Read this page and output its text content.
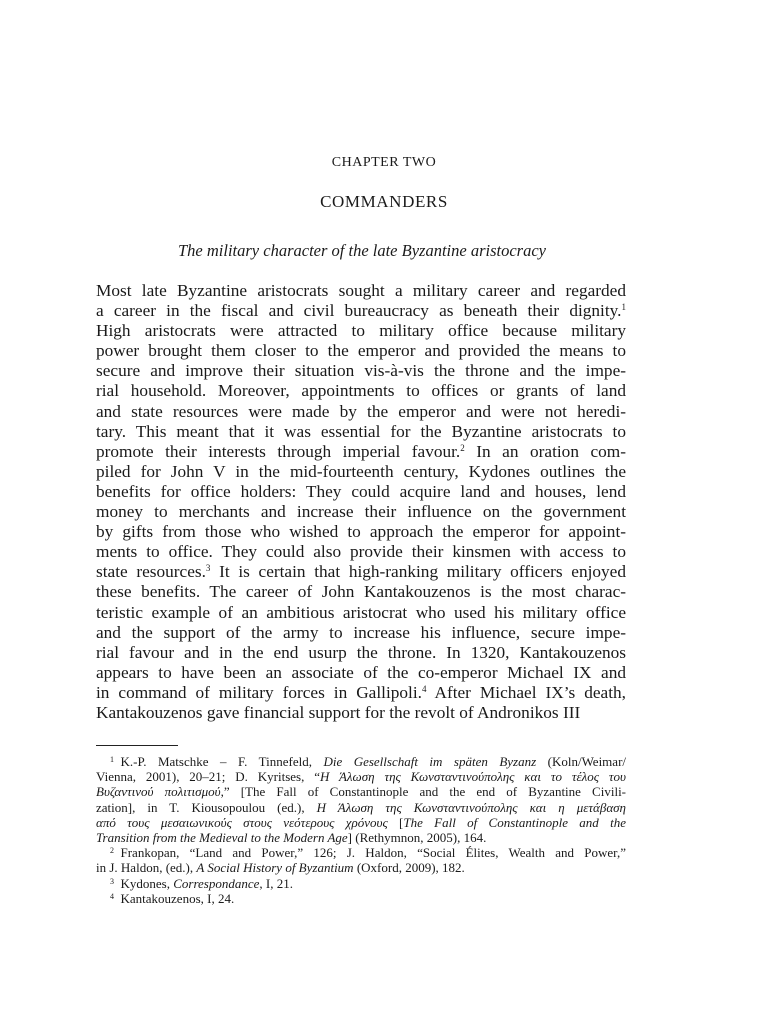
CHAPTER TWO
COMMANDERS
The military character of the late Byzantine aristocracy
Most late Byzantine aristocrats sought a military career and regarded
a career in the fiscal and civil bureaucracy as beneath their dignity.$^1$
High aristocrats were attracted to military office because military
power brought them closer to the emperor and provided the means to
secure and improve their situation vis-à-vis the throne and the impe-
rial household. Moreover, appointments to offices or grants of land
and state resources were made by the emperor and were not heredi-
tary. This meant that it was essential for the Byzantine aristocrats to
promote their interests through imperial favour.$^2$ In an oration com-
piled for John V in the mid-fourteenth century, Kydones outlines the
benefits for office holders: They could acquire land and houses, lend
money to merchants and increase their influence on the government
by gifts from those who wished to approach the emperor for appoint-
ments to office. They could also provide their kinsmen with access to
state resources.$^3$ It is certain that high-ranking military officers enjoyed
these benefits. The career of John Kantakouzenos is the most charac-
teristic example of an ambitious aristocrat who used his military office
and the support of the army to increase his influence, secure impe-
rial favour and in the end usurp the throne. In 1320, Kantakouzenos
appears to have been an associate of the co-emperor Michael IX and
in command of military forces in Gallipoli.$^4$ After Michael IX’s death,
Kantakouzenos gave financial support for the revolt of Andronikos III
$^1$  K.-P. Matschke – F. Tinnefeld, Die Gesellschaft im späten Byzanz (Koln/Weimar/
Vienna, 2001), 20–21; D. Kyritses, “Η Άλωση της Κωνσταντινούπολης και το τέλος του
Βυζαντινού πολιτισμού,” [The Fall of Constantinople and the end of Byzantine Civili-
zation], in T. Kiousopoulou (ed.), Η Άλωση της Κωνσταντινούπολης και η μετάβαση
από τους μεσαιωνικούς στους νεότερους χρόνους [The Fall of Constantinople and the
Transition from the Medieval to the Modern Age] (Rethymnon, 2005), 164.
$^2$  Frankopan, “Land and Power,” 126; J. Haldon, “Social Élites, Wealth and Power,”
in J. Haldon, (ed.), A Social History of Byzantium (Oxford, 2009), 182.
$^3$  Kydones, Correspondance, I, 21.
$^4$  Kantakouzenos, I, 24.
